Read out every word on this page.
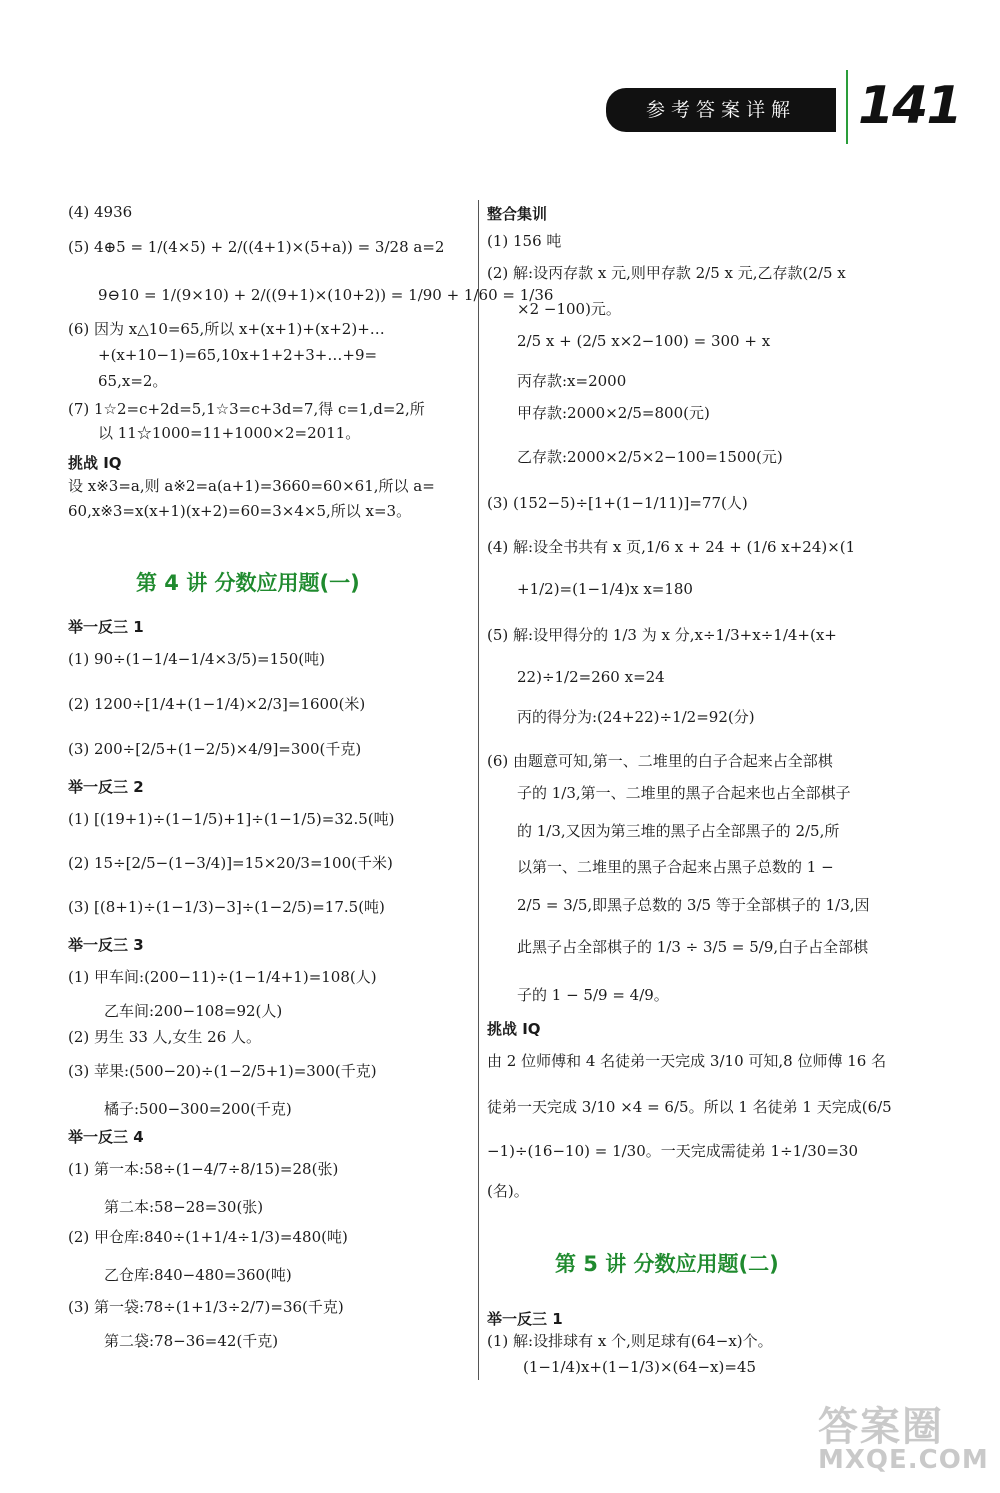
参考答案详解	141
(4) 4936
(5) 4⊕5 = 1/(4×5) + 2/((4+1)×(5+a)) = 3/28 a=2
9⊖10 = 1/(9×10) + 2/((9+1)×(10+2)) = 1/90 + 1/60 = 1/36
(6) 因为 x△10=65,所以 x+(x+1)+(x+2)+…
+(x+10−1)=65,10x+1+2+3+…+9=
65,x=2。
(7) 1☆2=c+2d=5,1☆3=c+3d=7,得 c=1,d=2,所
以 11☆1000=11+1000×2=2011。
挑战 IQ
设 x※3=a,则 a※2=a(a+1)=3660=60×61,所以 a=
60,x※3=x(x+1)(x+2)=60=3×4×5,所以 x=3。
第 4 讲 分数应用题(一)
举一反三 1
(1) 90÷(1−1/4−1/4×3/5)=150(吨)
(2) 1200÷[1/4+(1−1/4)×2/3]=1600(米)
(3) 200÷[2/5+(1−2/5)×4/9]=300(千克)
举一反三 2
(1) [(19+1)÷(1−1/5)+1]÷(1−1/5)=32.5(吨)
(2) 15÷[2/5−(1−3/4)]=15×20/3=100(千米)
(3) [(8+1)÷(1−1/3)−3]÷(1−2/5)=17.5(吨)
举一反三 3
(1) 甲车间:(200−11)÷(1−1/4+1)=108(人)
乙车间:200−108=92(人)
(2) 男生 33 人,女生 26 人。
(3) 苹果:(500−20)÷(1−2/5+1)=300(千克)
橘子:500−300=200(千克)
举一反三 4
(1) 第一本:58÷(1−4/7÷8/15)=28(张)
第二本:58−28=30(张)
(2) 甲仓库:840÷(1+1/4÷1/3)=480(吨)
乙仓库:840−480=360(吨)
(3) 第一袋:78÷(1+1/3÷2/7)=36(千克)
第二袋:78−36=42(千克)
整合集训
(1) 156 吨
(2) 解:设丙存款 x 元,则甲存款 2/5 x 元,乙存款(2/5 x
×2 −100)元。
2/5 x + (2/5 x×2−100) = 300 + x
丙存款:x=2000
甲存款:2000×2/5=800(元)
乙存款:2000×2/5×2−100=1500(元)
(3) (152−5)÷[1+(1−1/11)]=77(人)
(4) 解:设全书共有 x 页,1/6 x + 24 + (1/6 x+24)×(1
+1/2)=(1−1/4)x x=180
(5) 解:设甲得分的 1/3 为 x 分,x÷1/3+x÷1/4+(x+
22)÷1/2=260 x=24
丙的得分为:(24+22)÷1/2=92(分)
(6) 由题意可知,第一、二堆里的白子合起来占全部棋
子的 1/3,第一、二堆里的黑子合起来也占全部棋子
的 1/3,又因为第三堆的黑子占全部黑子的 2/5,所
以第一、二堆里的黑子合起来占黑子总数的 1 −
2/5 = 3/5,即黑子总数的 3/5 等于全部棋子的 1/3,因
此黑子占全部棋子的 1/3 ÷ 3/5 = 5/9,白子占全部棋
子的 1 − 5/9 = 4/9。
挑战 IQ
由 2 位师傅和 4 名徒弟一天完成 3/10 可知,8 位师傅 16 名
徒弟一天完成 3/10 ×4 = 6/5。所以 1 名徒弟 1 天完成(6/5
−1)÷(16−10) = 1/30。一天完成需徒弟 1÷1/30=30
(名)。
第 5 讲 分数应用题(二)
举一反三 1
(1) 解:设排球有 x 个,则足球有(64−x)个。
(1−1/4)x+(1−1/3)×(64−x)=45
答案圈
MXQE.COM
